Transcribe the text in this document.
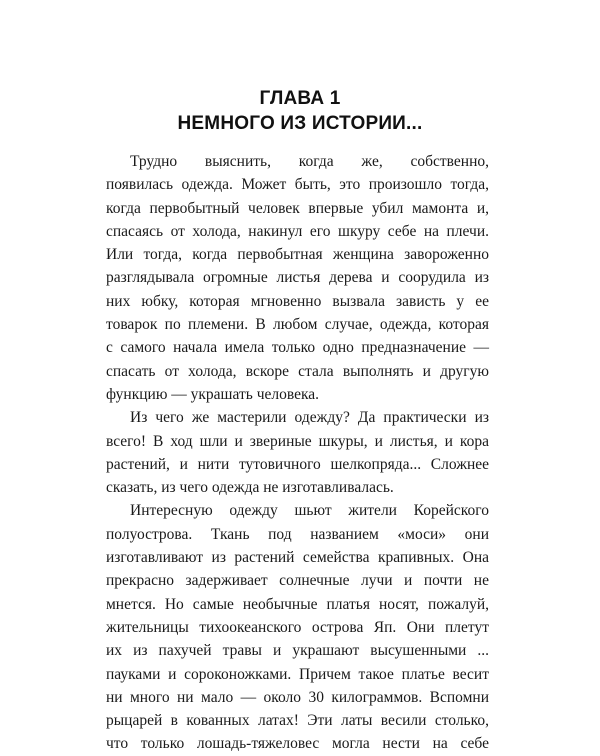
ГЛАВА 1
НЕМНОГО ИЗ ИСТОРИИ...
Трудно выяснить, когда же, собственно,
появилась одежда. Может быть, это произошло тогда,
когда первобытный человек впервые убил мамонта и,
спасаясь от холода, накинул его шкуру себе на плечи.
Или тогда, когда первобытная женщина завороженно
разглядывала огромные листья дерева и соорудила из
них юбку, которая мгновенно вызвала зависть у ее
товарок по племени. В любом случае, одежда, которая
с самого начала имела только одно предназначение —
спасать от холода, вскоре стала выполнять и другую
функцию — украшать человека.
Из чего же мастерили одежду? Да практически из
всего! В ход шли и звериные шкуры, и листья, и кора
растений, и нити тутовичного шелкопряда... Сложнее
сказать, из чего одежда не изготавливалась.
Интересную одежду шьют жители Корейского
полуострова. Ткань под названием «моси» они
изготавливают из растений семейства крапивных. Она
прекрасно задерживает солнечные лучи и почти не
мнется. Но самые необычные платья носят, пожалуй,
жительницы тихоокеанского острова Яп. Они плетут
их из пахучей травы и украшают высушенными ...
пауками и сороконожками. Причем такое платье весит
ни много ни мало — около 30 килограммов. Вспомни
рыцарей в кованных латах! Эти латы весили столько,
что только лошадь-тяжеловес могла нести на себе
